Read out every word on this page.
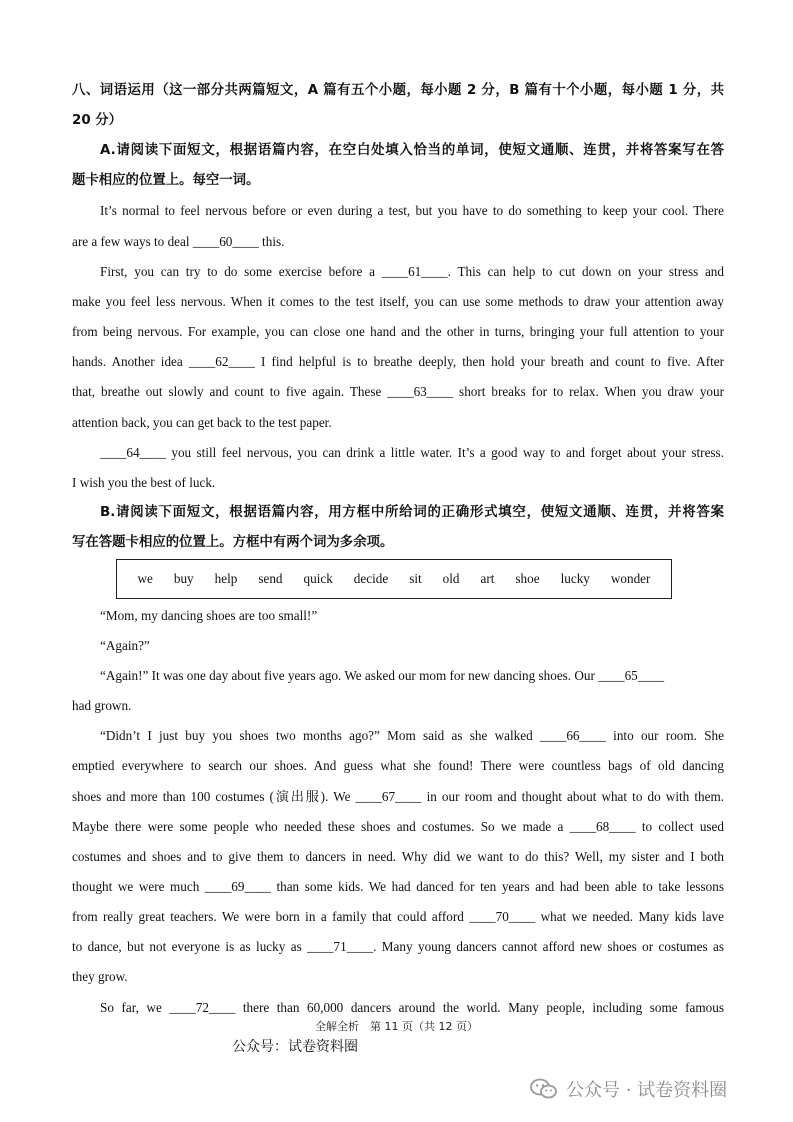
八、词语运用（这一部分共两篇短文，A 篇有五个小题，每小题 2 分，B 篇有十个小题，每小题 1 分，共
20 分）
A.请阅读下面短文，根据语篇内容，在空白处填入恰当的单词，使短文通顺、连贯，并将答案写在答
题卡相应的位置上。每空一词。
It’s normal to feel nervous before or even during a test, but you have to do something to keep your cool. There
are a few ways to deal ____60____ this.
First, you can try to do some exercise before a ____61____. This can help to cut down on your stress and
make you feel less nervous. When it comes to the test itself, you can use some methods to draw your attention away
from being nervous. For example, you can close one hand and the other in turns, bringing your full attention to your
hands. Another idea ____62____ I find helpful is to breathe deeply, then hold your breath and count to five. After
that, breathe out slowly and count to five again. These ____63____ short breaks for to relax. When you draw your
attention back, you can get back to the test paper.
____64____ you still feel nervous, you can drink a little water. It’s a good way to and forget about your stress.
I wish you the best of luck.
B.请阅读下面短文，根据语篇内容，用方框中所给词的正确形式填空，使短文通顺、连贯，并将答案
写在答题卡相应的位置上。方框中有两个词为多余项。
we buy help send quick decide sit old art shoe lucky wonder
“Mom, my dancing shoes are too small!”
“Again?”
“Again!” It was one day about five years ago. We asked our mom for new dancing shoes. Our ____65____
had grown.
“Didn’t I just buy you shoes two months ago?” Mom said as she walked ____66____ into our room. She
emptied everywhere to search our shoes. And guess what she found! There were countless bags of old dancing
shoes and more than 100 costumes (演出服). We ____67____ in our room and thought about what to do with them.
Maybe there were some people who needed these shoes and costumes. So we made a ____68____ to collect used
costumes and shoes and to give them to dancers in need. Why did we want to do this? Well, my sister and I both
thought we were much ____69____ than some kids. We had danced for ten years and had been able to take lessons
from really great teachers. We were born in a family that could afford ____70____ what we needed. Many kids lave
to dance, but not everyone is as lucky as ____71____. Many young dancers cannot afford new shoes or costumes as
they grow.
So far, we ____72____ there than 60,000 dancers around the world. Many people, including some famous
全解全析　第 11 页（共 12 页）
公众号：试卷资料圈
公众号 · 试卷资料圈
